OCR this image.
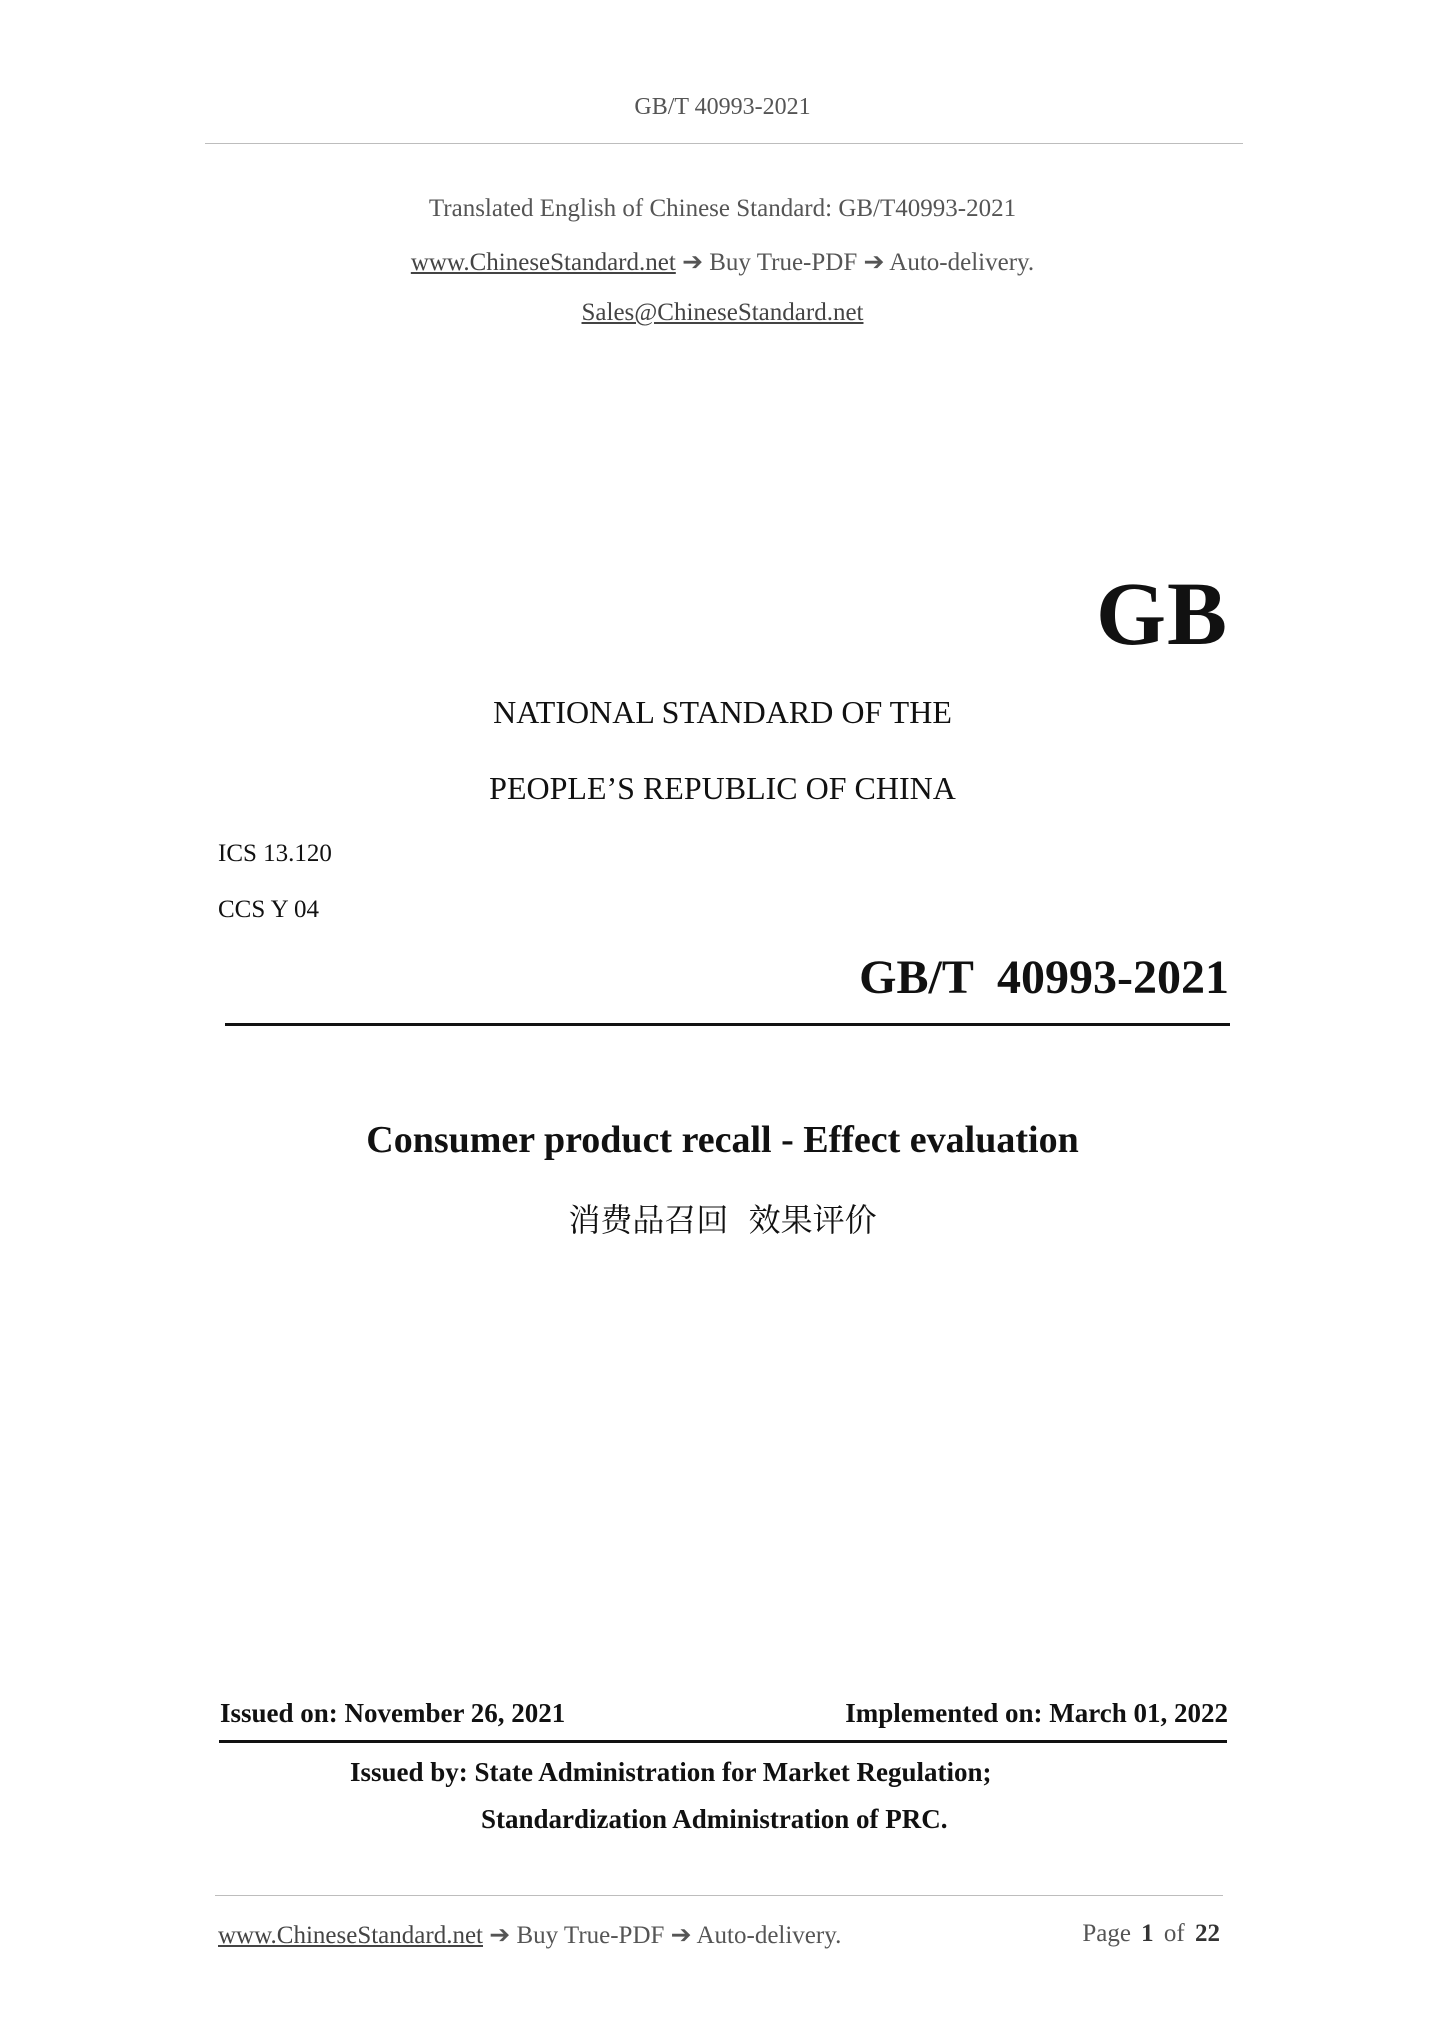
GB/T 40993-2021
Translated English of Chinese Standard: GB/T40993-2021
www.ChineseStandard.net ➔ Buy True-PDF ➔ Auto-delivery.
Sales@ChineseStandard.net
GB
NATIONAL STANDARD OF THE
PEOPLE’S REPUBLIC OF CHINA
ICS 13.120
CCS Y 04
GB/T  40993-2021
Consumer product recall - Effect evaluation
消费品召回  效果评价
Issued on: November 26, 2021	Implemented on: March 01, 2022
Issued by: State Administration for Market Regulation;
Standardization Administration of PRC.
www.ChineseStandard.net ➔ Buy True-PDF ➔ Auto-delivery.	Page 1 of 22
